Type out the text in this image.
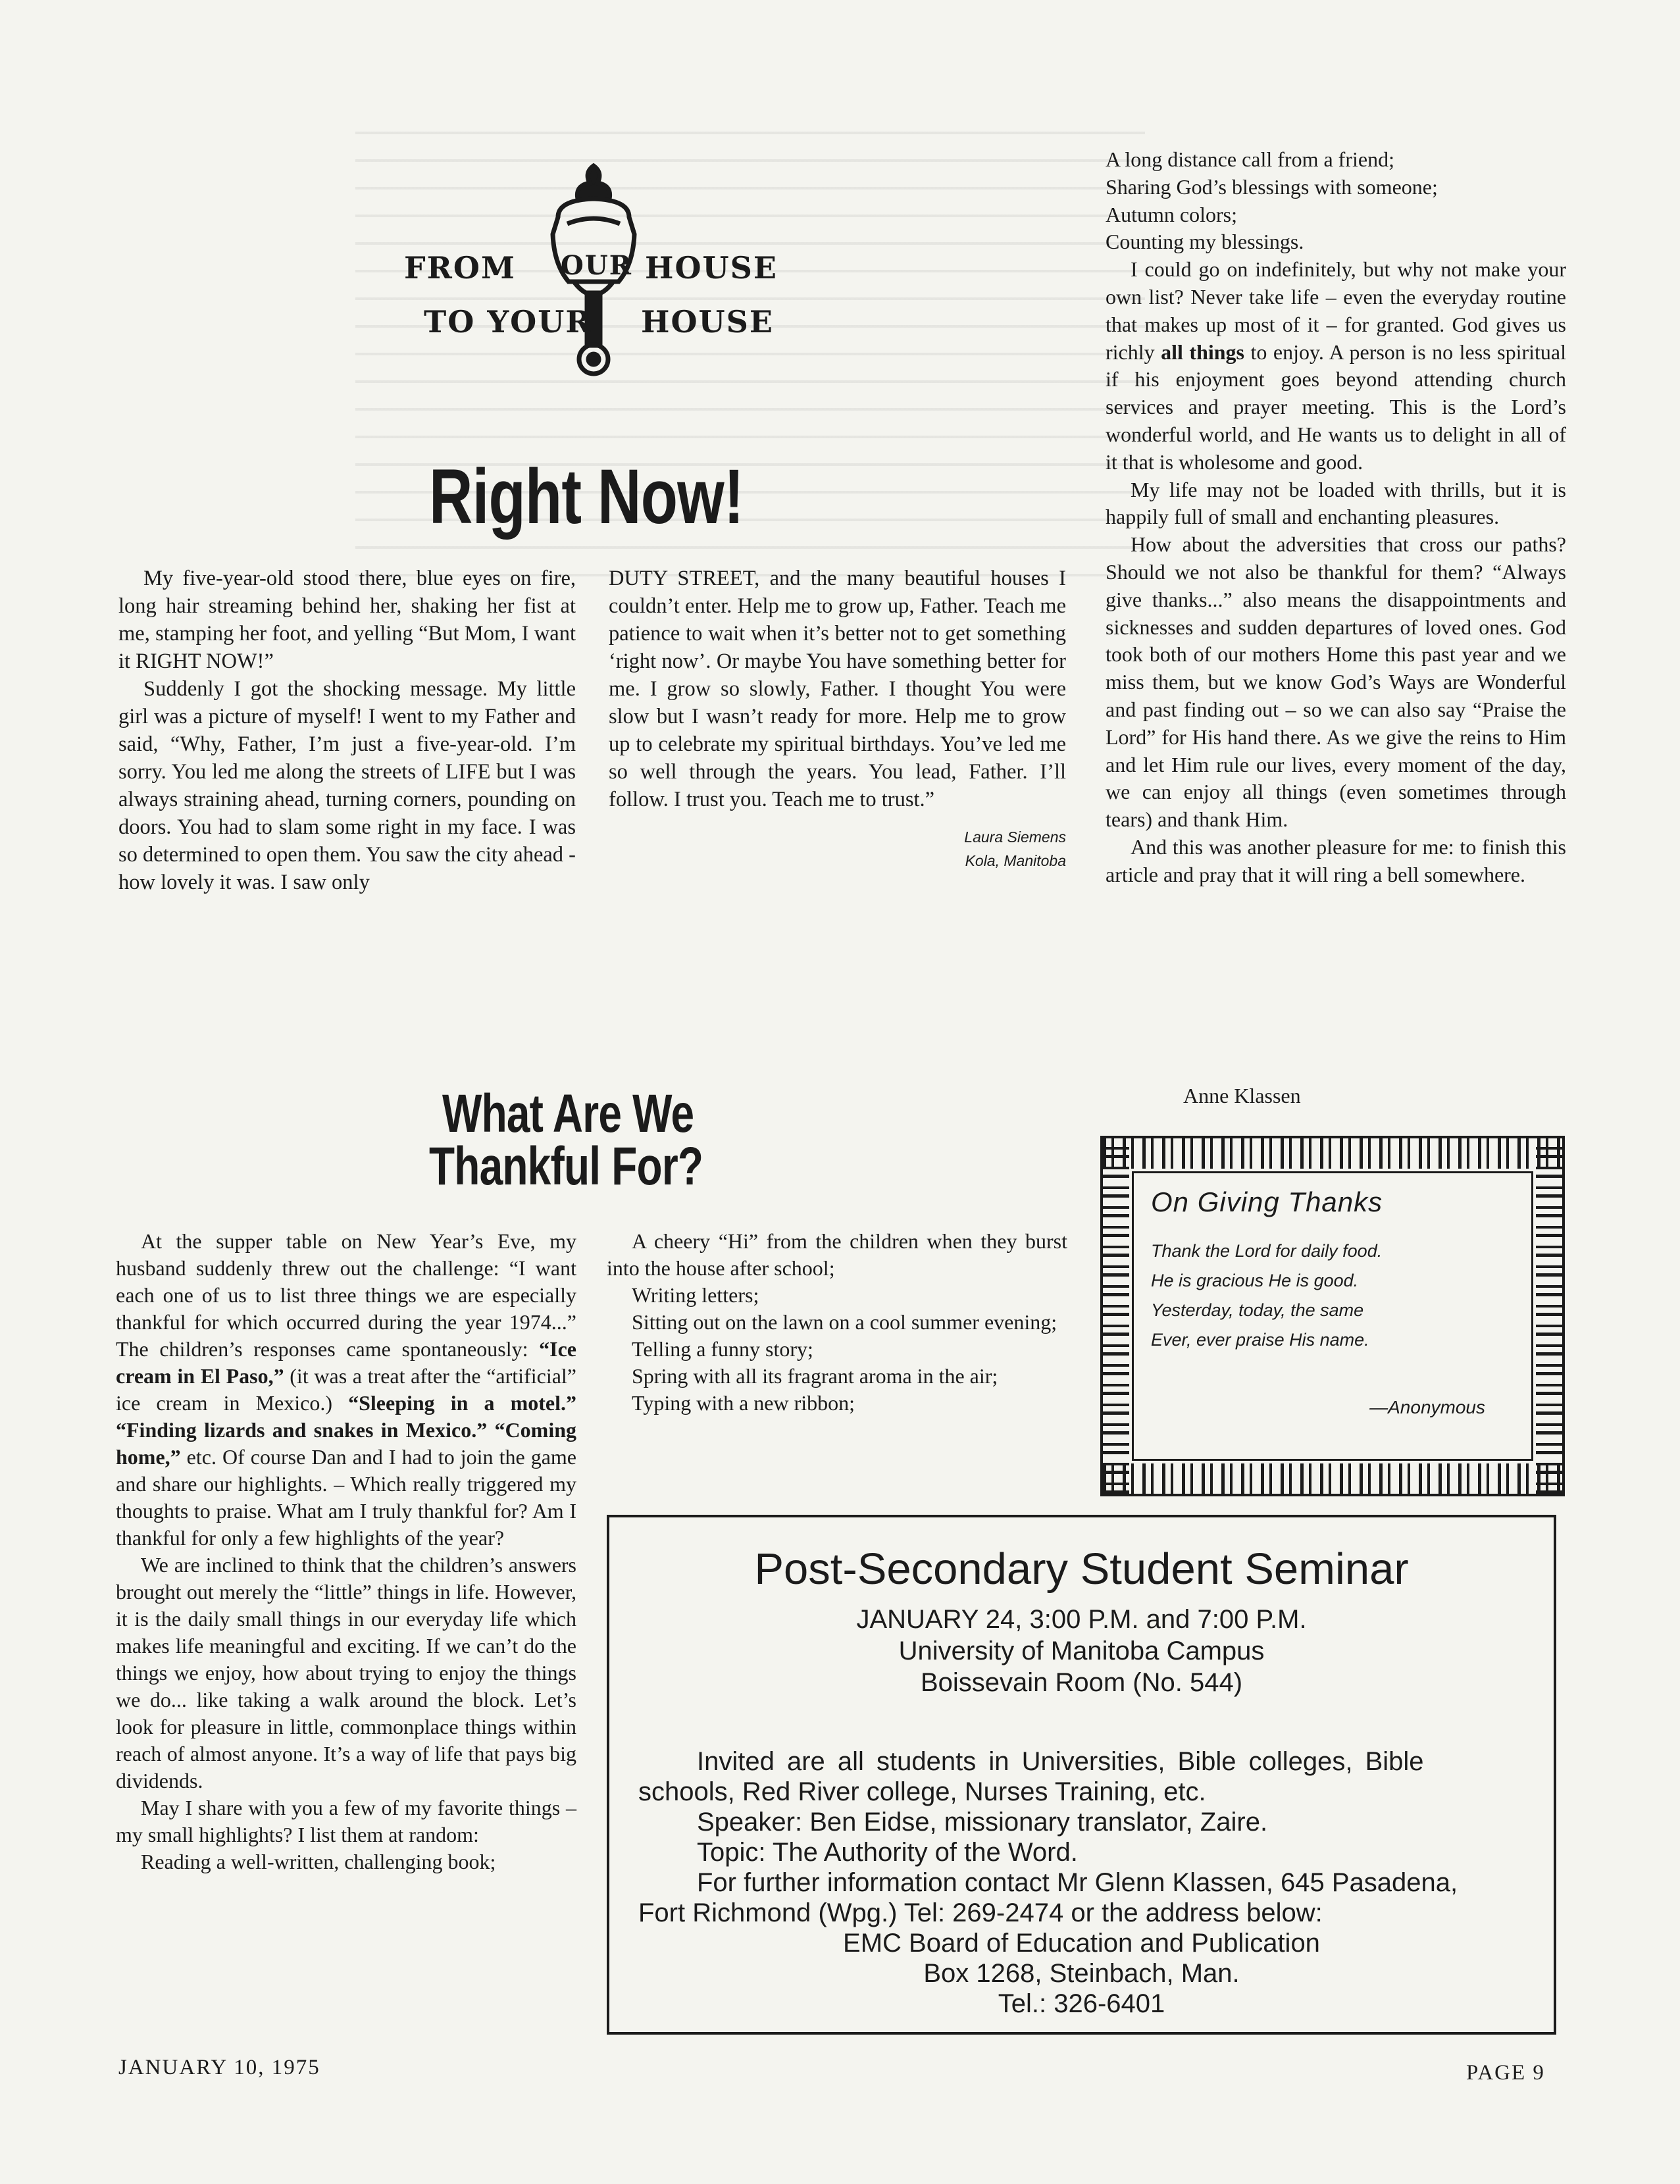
FROM OUR HOUSE
TO YOUR HOUSE
Right Now!

My five-year-old stood there, blue eyes on fire, long hair streaming behind her, shaking her fist at me, stamping her foot, and yelling “But Mom, I want it RIGHT NOW!”

Suddenly I got the shocking message. My little girl was a picture of myself! I went to my Father and said, “Why, Father, I’m just a five-year-old. I’m sorry. You led me along the streets of LIFE but I was always straining ahead, turning corners, pounding on doors. You had to slam some right in my face. I was so determined to open them. You saw the city ahead - how lovely it was. I saw only

DUTY STREET, and the many beautiful houses I couldn’t enter. Help me to grow up, Father. Teach me patience to wait when it’s better not to get something ‘right now’. Or maybe You have something better for me. I grow so slowly, Father. I thought You were slow but I wasn’t ready for more. Help me to grow up to celebrate my spiritual birthdays. You’ve led me so well through the years. You lead, Father. I’ll follow. I trust you. Teach me to trust.”

Laura Siemens
Kola, Manitoba
What Are We
Thankful For?

At the supper table on New Year’s Eve, my husband suddenly threw out the challenge: “I want each one of us to list three things we are especially thankful for which occurred during the year 1974...” The children’s responses came spontaneously: “Ice cream in El Paso,” (it was a treat after the “artificial” ice cream in Mexico.) “Sleeping in a motel.” “Finding lizards and snakes in Mexico.” “Coming home,” etc. Of course Dan and I had to join the game and share our highlights. – Which really triggered my thoughts to praise. What am I truly thankful for? Am I thankful for only a few highlights of the year?

We are inclined to think that the children’s answers brought out merely the “little” things in life. However, it is the daily small things in our everyday life which makes life meaningful and exciting. If we can’t do the things we enjoy, how about trying to enjoy the things we do... like taking a walk around the block. Let’s look for pleasure in little, commonplace things within reach of almost anyone. It’s a way of life that pays big dividends.

May I share with you a few of my favorite things – my small highlights? I list them at random:

Reading a well-written, challenging book;

A cheery “Hi” from the children when they burst into the house after school;

Writing letters;

Sitting out on the lawn on a cool summer evening;

Telling a funny story;

Spring with all its fragrant aroma in the air;

Typing with a new ribbon;

A long distance call from a friend;

Sharing God’s blessings with someone;

Autumn colors;

Counting my blessings.

I could go on indefinitely, but why not make your own list? Never take life – even the everyday routine that makes up most of it – for granted. God gives us richly all things to enjoy. A person is no less spiritual if his enjoyment goes beyond attending church services and prayer meeting. This is the Lord’s wonderful world, and He wants us to delight in all of it that is wholesome and good.

My life may not be loaded with thrills, but it is happily full of small and enchanting pleasures.

How about the adversities that cross our paths? Should we not also be thankful for them? “Always give thanks...” also means the disappointments and sicknesses and sudden departures of loved ones. God took both of our mothers Home this past year and we miss them, but we know God’s Ways are Wonderful and past finding out – so we can also say “Praise the Lord” for His hand there. As we give the reins to Him and let Him rule our lives, every moment of the day, we can enjoy all things (even sometimes through tears) and thank Him.

And this was another pleasure for me: to finish this article and pray that it will ring a bell somewhere.

Anne Klassen
On Giving Thanks
Thank the Lord for daily food.
He is gracious He is good.
Yesterday, today, the same
Ever, ever praise His name.
—Anonymous
Post-Secondary Student Seminar
JANUARY 24, 3:00 P.M. and 7:00 P.M.
University of Manitoba Campus
Boissevain Room (No. 544)
Invited are all students in Universities, Bible colleges, Bible
schools, Red River college, Nurses Training, etc.
Speaker: Ben Eidse, missionary translator, Zaire.
Topic: The Authority of the Word.
For further information contact Mr Glenn Klassen, 645 Pasadena,
Fort Richmond (Wpg.) Tel: 269-2474 or the address below:
EMC Board of Education and Publication
Box 1268, Steinbach, Man.
Tel.: 326-6401
JANUARY 10, 1975	PAGE 9
